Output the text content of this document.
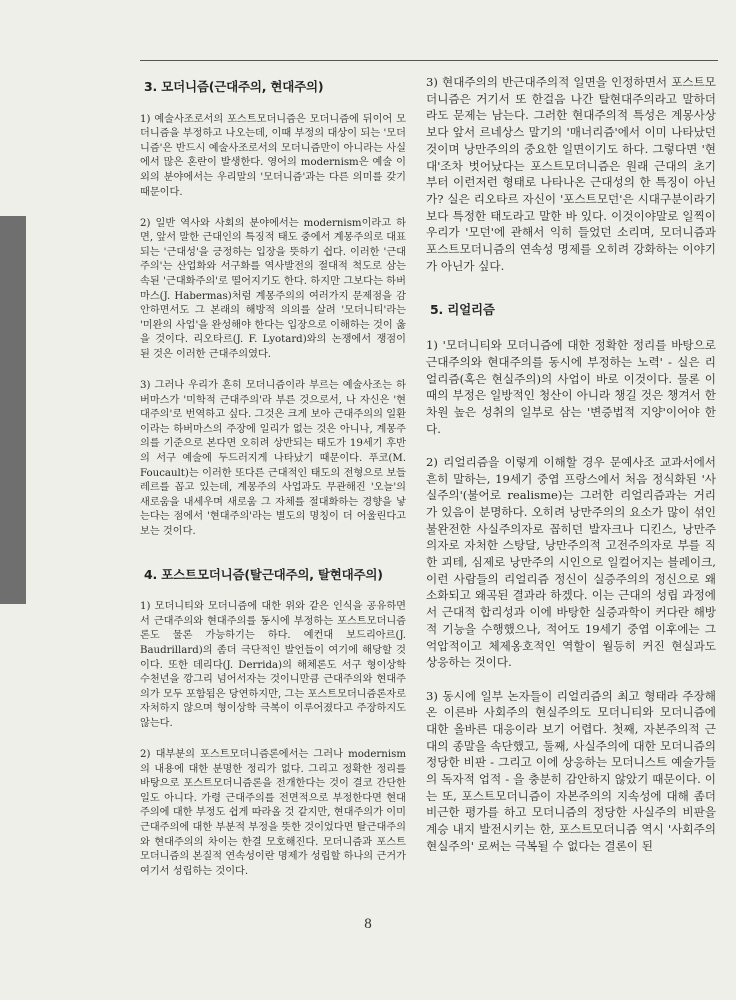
3. 모더니즘(근대주의, 현대주의)

1) 예술사조로서의 포스트모더니즘은 모더니즘에 뒤이어 모더니즘을 부정하고 나오는데, 이때 부정의 대상이 되는 '모더니즘'은 반드시 예술사조로서의 모더니즘만이 아니라는 사실에서 많은 혼란이 발생한다. 영어의 modernism은 예술 이외의 분야에서는 우리말의 '모더니즘'과는 다른 의미를 갖기 때문이다.

2) 일반 역사와 사회의 분야에서는 modernism이라고 하면, 앞서 말한 근대인의 특징적 태도 중에서 계몽주의로 대표되는 '근대성'을 긍정하는 입장을 뜻하기 쉽다. 이러한 '근대주의'는 산업화와 서구화를 역사발전의 절대적 척도로 삼는 속된 '근대화주의'로 떨어지기도 한다. 하지만 그보다는 하버마스(J. Habermas)처럼 계몽주의의 여러가지 문제점을 감안하면서도 그 본래의 해방적 의의를 살려 '모더니티'라는 '미완의 사업'을 완성해야 한다는 입장으로 이해하는 것이 옳을 것이다. 리오타르(J. F. Lyotard)와의 논쟁에서 쟁점이 된 것은 이러한 근대주의였다.

3) 그러나 우리가 흔히 모더니즘이라 부르는 예술사조는 하버마스가 '미학적 근대주의'라 부른 것으로서, 나 자신은 '현대주의'로 번역하고 싶다. 그것은 크게 보아 근대주의의 일환이라는 하버마스의 주장에 일리가 없는 것은 아니나, 계몽주의를 기준으로 본다면 오히려 상반되는 태도가 19세기 후반의 서구 예술에 두드러지게 나타났기 때문이다. 푸코(M. Foucault)는 이러한 또다른 근대적인 태도의 전형으로 보들레르를 꼽고 있는데, 계몽주의 사업과도 무관해진 '오늘'의 새로움을 내세우며 새로움 그 자체를 절대화하는 경향을 낳는다는 점에서 '현대주의'라는 별도의 명칭이 더 어울린다고 보는 것이다.

4. 포스트모더니즘(탈근대주의, 탈현대주의)

1) 모더니티와 모더니즘에 대한 위와 같은 인식을 공유하면서 근대주의와 현대주의를 동시에 부정하는 포스트모더니즘론도 물론 가능하기는 하다. 예컨대 보드리아르(J. Baudrillard)의 좀더 극단적인 발언들이 여기에 해당할 것이다. 또한 데리다(J. Derrida)의 해체론도 서구 형이상학 수천년을 깡그리 넘어서자는 것이니만큼 근대주의와 현대주의가 모두 포함됨은 당연하지만, 그는 포스트모더니즘론자로 자처하지 않으며 형이상학 극복이 이루어졌다고 주장하지도 않는다.

2) 대부분의 포스트모더니즘론에서는 그러나 modernism의 내용에 대한 분명한 정리가 없다. 그리고 정확한 정리를 바탕으로 포스트모더니즘론을 전개한다는 것이 결코 간단한 일도 아니다. 가령 근대주의를 전면적으로 부정한다면 현대주의에 대한 부정도 쉽게 따라올 것 같지만, 현대주의가 이미 근대주의에 대한 부분적 부정을 뜻한 것이었다면 탈근대주의와 현대주의의 차이는 한결 모호해진다. 모더니즘과 포스트모더니즘의 본질적 연속성이란 명제가 성립할 하나의 근거가 여기서 성립하는 것이다.

3) 현대주의의 반근대주의적 일면을 인정하면서 포스트모더니즘은 거기서 또 한걸음 나간 탈현대주의라고 말하더라도 문제는 남는다. 그러한 현대주의적 특성은 계몽사상보다 앞서 르네상스 말기의 '매너리즘'에서 이미 나타났던 것이며 낭만주의의 중요한 일면이기도 하다. 그렇다면 '현대'조차 벗어났다는 포스트모더니즘은 원래 근대의 초기부터 이런저런 형태로 나타나온 근대성의 한 특징이 아닌가? 실은 리오타르 자신이 '포스트모던'은 시대구분이라기 보다 특정한 태도라고 말한 바 있다. 이것이야말로 일찍이 우리가 '모던'에 관해서 익히 들었던 소리며, 모더니즘과 포스트모더니즘의 연속성 명제를 오히려 강화하는 이야기가 아닌가 싶다.

5. 리얼리즘

1) '모더니티와 모더니즘에 대한 정확한 정리를 바탕으로 근대주의와 현대주의를 동시에 부정하는 노력' - 실은 리얼리즘(혹은 현실주의)의 사업이 바로 이것이다. 물론 이때의 부정은 일방적인 청산이 아니라 챙길 것은 챙겨서 한 차원 높은 성취의 일부로 삼는 '변증법적 지양'이어야 한다.

2) 리얼리즘을 이렇게 이해할 경우 문예사조 교과서에서 흔히 말하는, 19세기 중엽 프랑스에서 처음 정식화된 '사실주의'(불어로 realisme)는 그러한 리얼리즘과는 거리가 있음이 분명하다. 오히려 낭만주의의 요소가 많이 섞인 불완전한 사실주의자로 꼽히던 발자크나 디킨스, 낭만주의자로 자처한 스탕달, 낭만주의적 고전주의자로 부를 직한 괴테, 심제로 낭만주의 시인으로 일컬어지는 블레이크, 이런 사람들의 리얼리즘 정신이 실증주의의 정신으로 왜소화되고 왜곡된 결과라 하겠다. 이는 근대의 성립 과정에서 근대적 합리성과 이에 바탕한 실증과학이 커다란 해방적 기능을 수행했으나, 적어도 19세기 중엽 이후에는 그 억압적이고 체제옹호적인 역할이 월등히 커진 현실과도 상응하는 것이다.

3) 동시에 일부 논자들이 리얼리즘의 최고 형태라 주장해온 이른바 사회주의 현실주의도 모더니티와 모더니즘에 대한 올바른 대응이라 보기 어렵다. 첫째, 자본주의적 근대의 종말을 속단했고, 둘째, 사실주의에 대한 모더니즘의 정당한 비판 - 그리고 이에 상응하는 모더니스트 예술가들의 독자적 업적 - 을 충분히 감안하지 않았기 때문이다. 이는 또, 포스트모더니즘이 자본주의의 지속성에 대해 좀더 비근한 평가를 하고 모더니즘의 정당한 사실주의 비판을 계승 내지 발전시키는 한, 포스트모더니즘 역시 '사회주의 현실주의' 로써는 극복될 수 없다는 결론이 된

8
